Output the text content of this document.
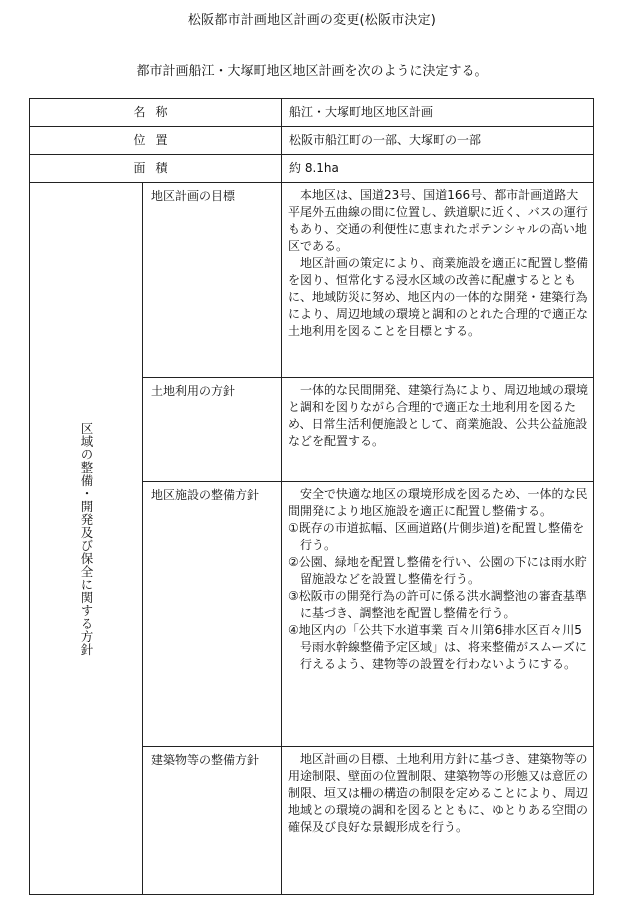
松阪都市計画地区計画の変更(松阪市決定)
都市計画船江・大塚町地区地区計画を次のように決定する。
名称		船江・大塚町地区地区計画
位置		松阪市船江町の一部、大塚町の一部
面積		約 8.1ha

区域の整備・開発及び保全に関する方針	地区計画の目標	本地区は、国道23号、国道166号、都市計画道路大平尾外五曲線の間に位置し、鉄道駅に近く、バスの運行もあり、交通の利便性に恵まれたポテンシャルの高い地区である。

地区計画の策定により、商業施設を適正に配置し整備を図り、恒常化する浸水区域の改善に配慮するとともに、地域防災に努め、地区内の一体的な開発・建築行為により、周辺地域の環境と調和のとれた合理的で適正な土地利用を図ることを目標とする。

	土地利用の方針	一体的な民間開発、建築行為により、周辺地域の環境と調和を図りながら合理的で適正な土地利用を図るため、日常生活利便施設として、商業施設、公共公益施設などを配置する。

	地区施設の整備方針	安全で快適な地区の環境形成を図るため、一体的な民間開発により地区施設を適正に配置し整備する。

①既存の市道拡幅、区画道路(片側歩道)を配置し整備を行う。

②公園、緑地を配置し整備を行い、公園の下には雨水貯留施設などを設置し整備を行う。

③松阪市の開発行為の許可に係る洪水調整池の審査基準に基づき、調整池を配置し整備を行う。

④地区内の「公共下水道事業 百々川第6排水区百々川5号雨水幹線整備予定区域」は、将来整備がスムーズに行えるよう、建物等の設置を行わないようにする。

	建築物等の整備方針	地区計画の目標、土地利用方針に基づき、建築物等の用途制限、壁面の位置制限、建築物等の形態又は意匠の制限、垣又は柵の構造の制限を定めることにより、周辺地域との環境の調和を図るとともに、ゆとりある空間の確保及び良好な景観形成を行う。
